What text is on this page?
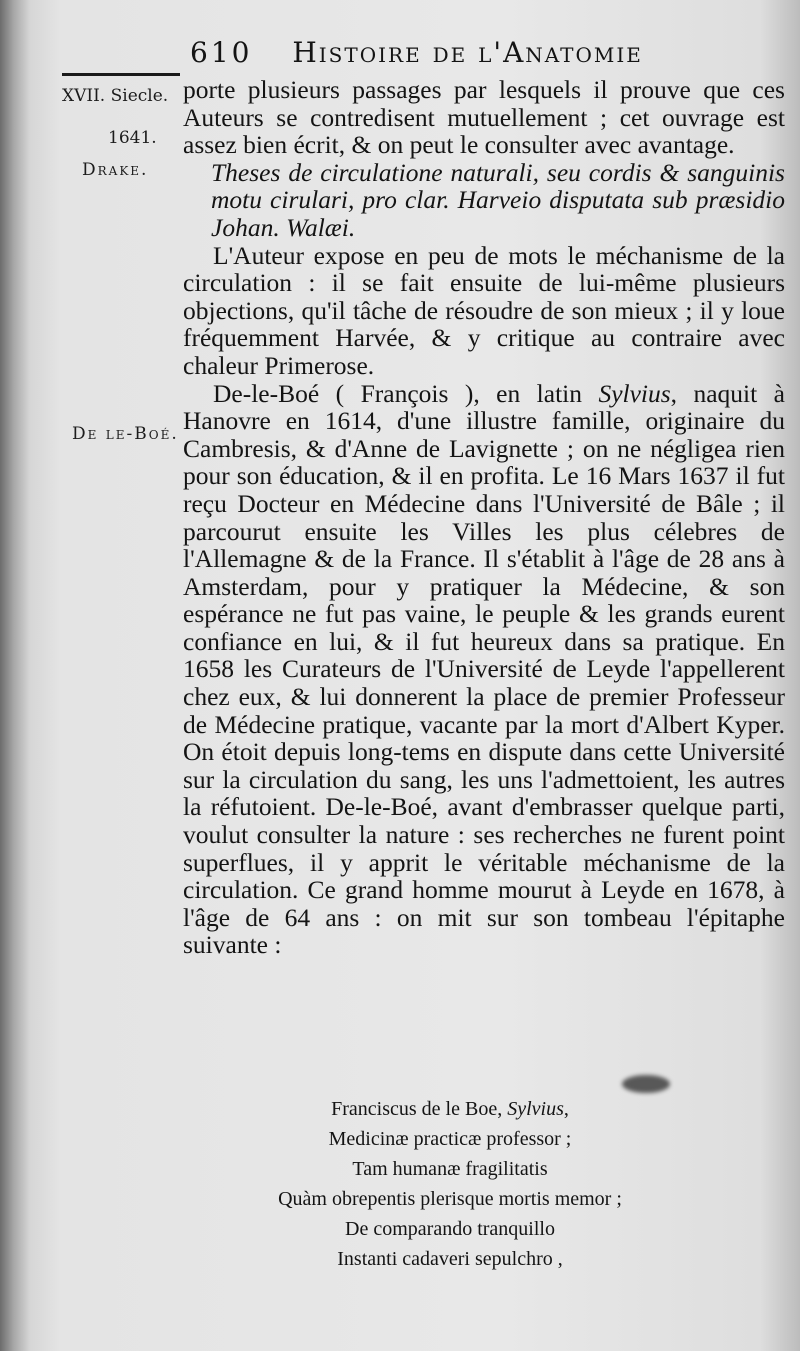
610 Histoire de l'Anatomie
XVII. Siecle.
1641.
Drake.
De le-Boé.

porte plusieurs passages par lesquels il prouve que ces Auteurs se contredisent mutuellement ; cet ouvrage est assez bien écrit, & on peut le consulter avec avantage.

Theses de circulatione naturali, seu cordis & sanguinis motu cirulari, pro clar. Harveio disputata sub præsidio Johan. Walæi.

L'Auteur expose en peu de mots le méchanisme de la circulation : il se fait ensuite de lui-même plusieurs objections, qu'il tâche de résoudre de son mieux ; il y loue fréquemment Harvée, & y critique au contraire avec chaleur Primerose.

De-le-Boé ( François ), en latin Sylvius, naquit à Hanovre en 1614, d'une illustre famille, originaire du Cambresis, & d'Anne de Lavignette ; on ne négligea rien pour son éducation, & il en profita. Le 16 Mars 1637 il fut reçu Docteur en Médecine dans l'Université de Bâle ; il parcourut ensuite les Villes les plus célebres de l'Allemagne & de la France. Il s'établit à l'âge de 28 ans à Amsterdam, pour y pratiquer la Médecine, & son espérance ne fut pas vaine, le peuple & les grands eurent confiance en lui, & il fut heureux dans sa pratique. En 1658 les Curateurs de l'Université de Leyde l'appellerent chez eux, & lui donnerent la place de premier Professeur de Médecine pratique, vacante par la mort d'Albert Kyper. On étoit depuis long-tems en dispute dans cette Université sur la circulation du sang, les uns l'admettoient, les autres la réfutoient. De-le-Boé, avant d'embrasser quelque parti, voulut consulter la nature : ses recherches ne furent point superflues, il y apprit le véritable méchanisme de la circulation. Ce grand homme mourut à Leyde en 1678, à l'âge de 64 ans : on mit sur son tombeau l'épitaphe suivante :

Franciscus de le Boe, Sylvius,
Medicinæ practicæ professor ;
Tam humanæ fragilitatis
Quàm obrepentis plerisque mortis memor ;
De comparando tranquillo
Instanti cadaveri sepulchro ,
